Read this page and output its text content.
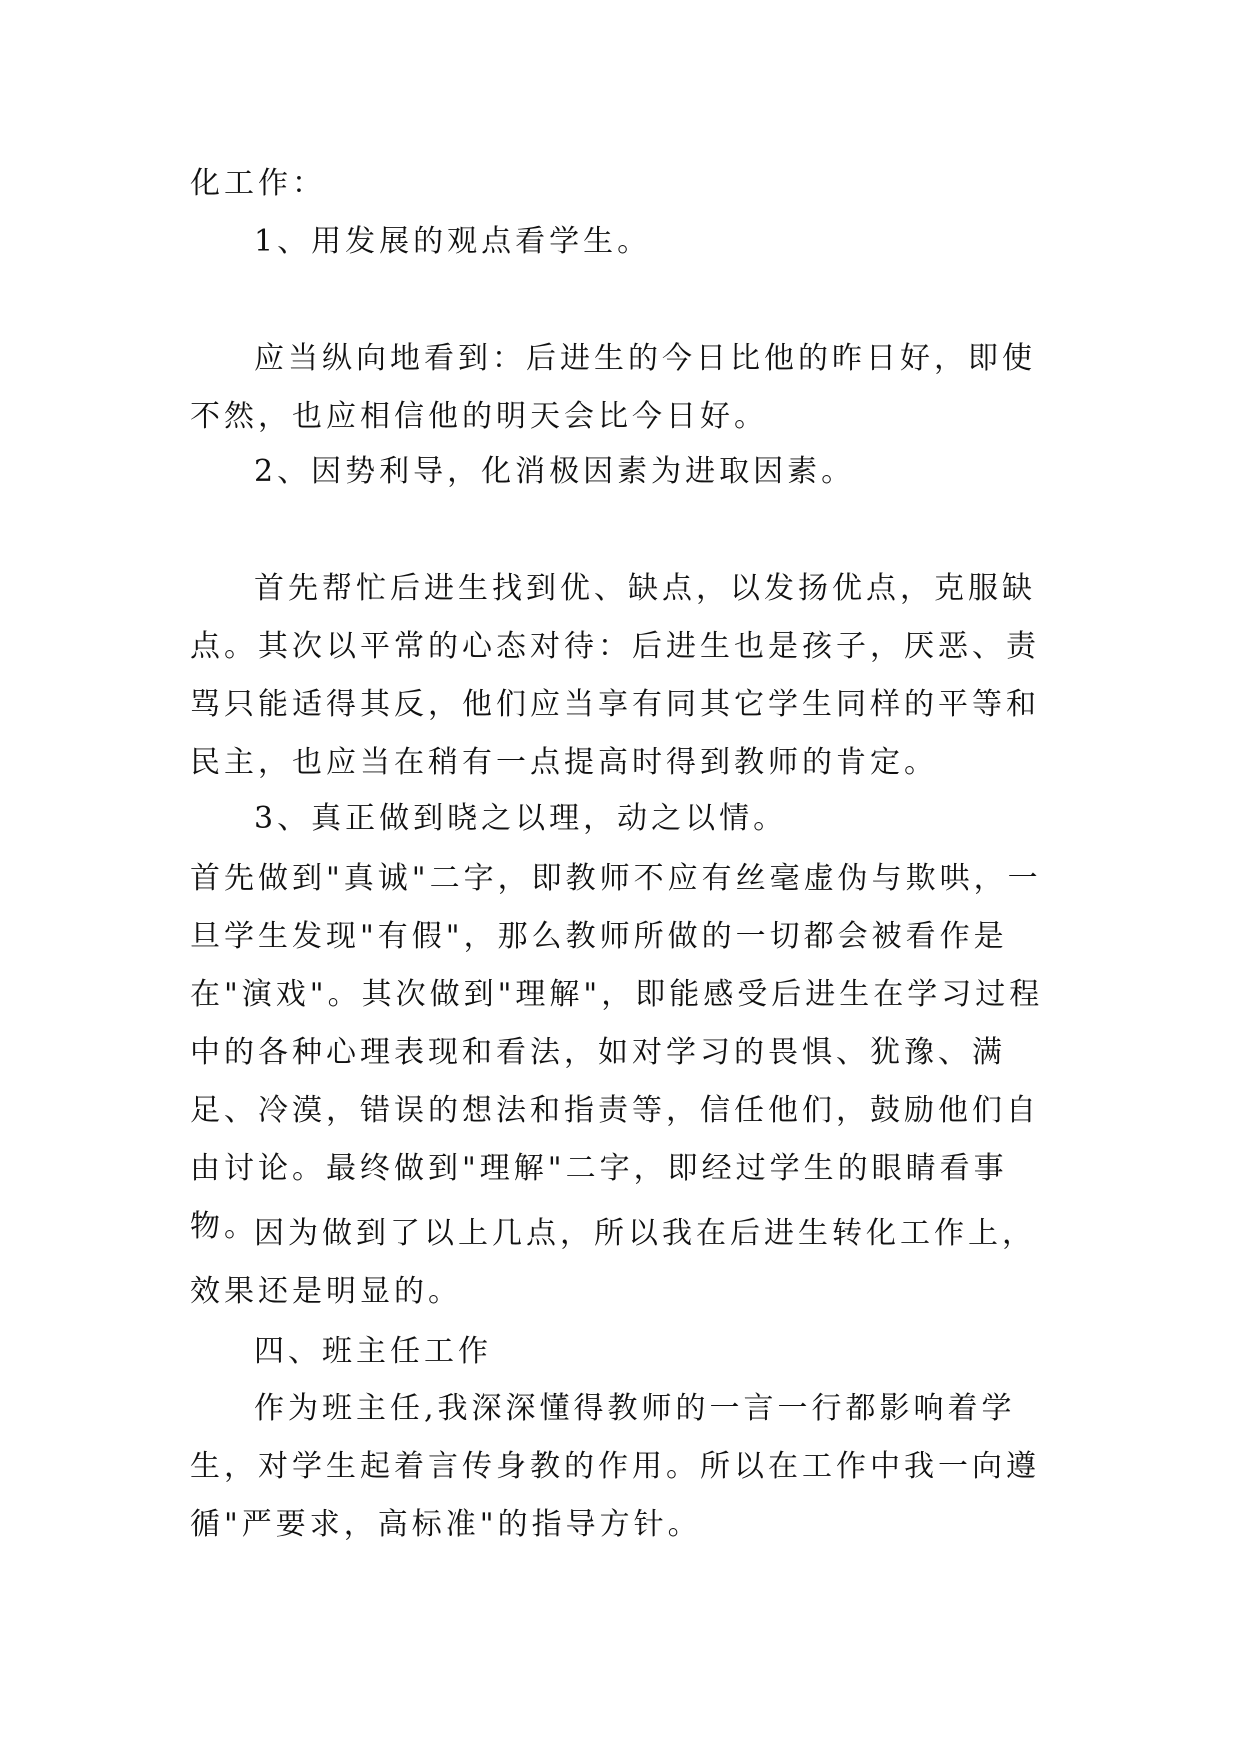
化工作：

1、用发展的观点看学生。

应当纵向地看到：后进生的今日比他的昨日好，即使不然，也应相信他的明天会比今日好。

2、因势利导，化消极因素为进取因素。

首先帮忙后进生找到优、缺点，以发扬优点，克服缺点。其次以平常的心态对待：后进生也是孩子，厌恶、责骂只能适得其反，他们应当享有同其它学生同样的平等和民主，也应当在稍有一点提高时得到教师的肯定。

3、真正做到晓之以理，动之以情。

首先做到"真诚"二字，即教师不应有丝毫虚伪与欺哄，一旦学生发现"有假"，那么教师所做的一切都会被看作是在"演戏"。其次做到"理解"，即能感受后进生在学习过程中的各种心理表现和看法，如对学习的畏惧、犹豫、满足、冷漠，错误的想法和指责等，信任他们，鼓励他们自由讨论。最终做到"理解"二字，即经过学生的眼睛看事物。

因为做到了以上几点，所以我在后进生转化工作上，效果还是明显的。

四、班主任工作

作为班主任,我深深懂得教师的一言一行都影响着学生，对学生起着言传身教的作用。所以在工作中我一向遵循"严要求，高标准"的指导方针。
